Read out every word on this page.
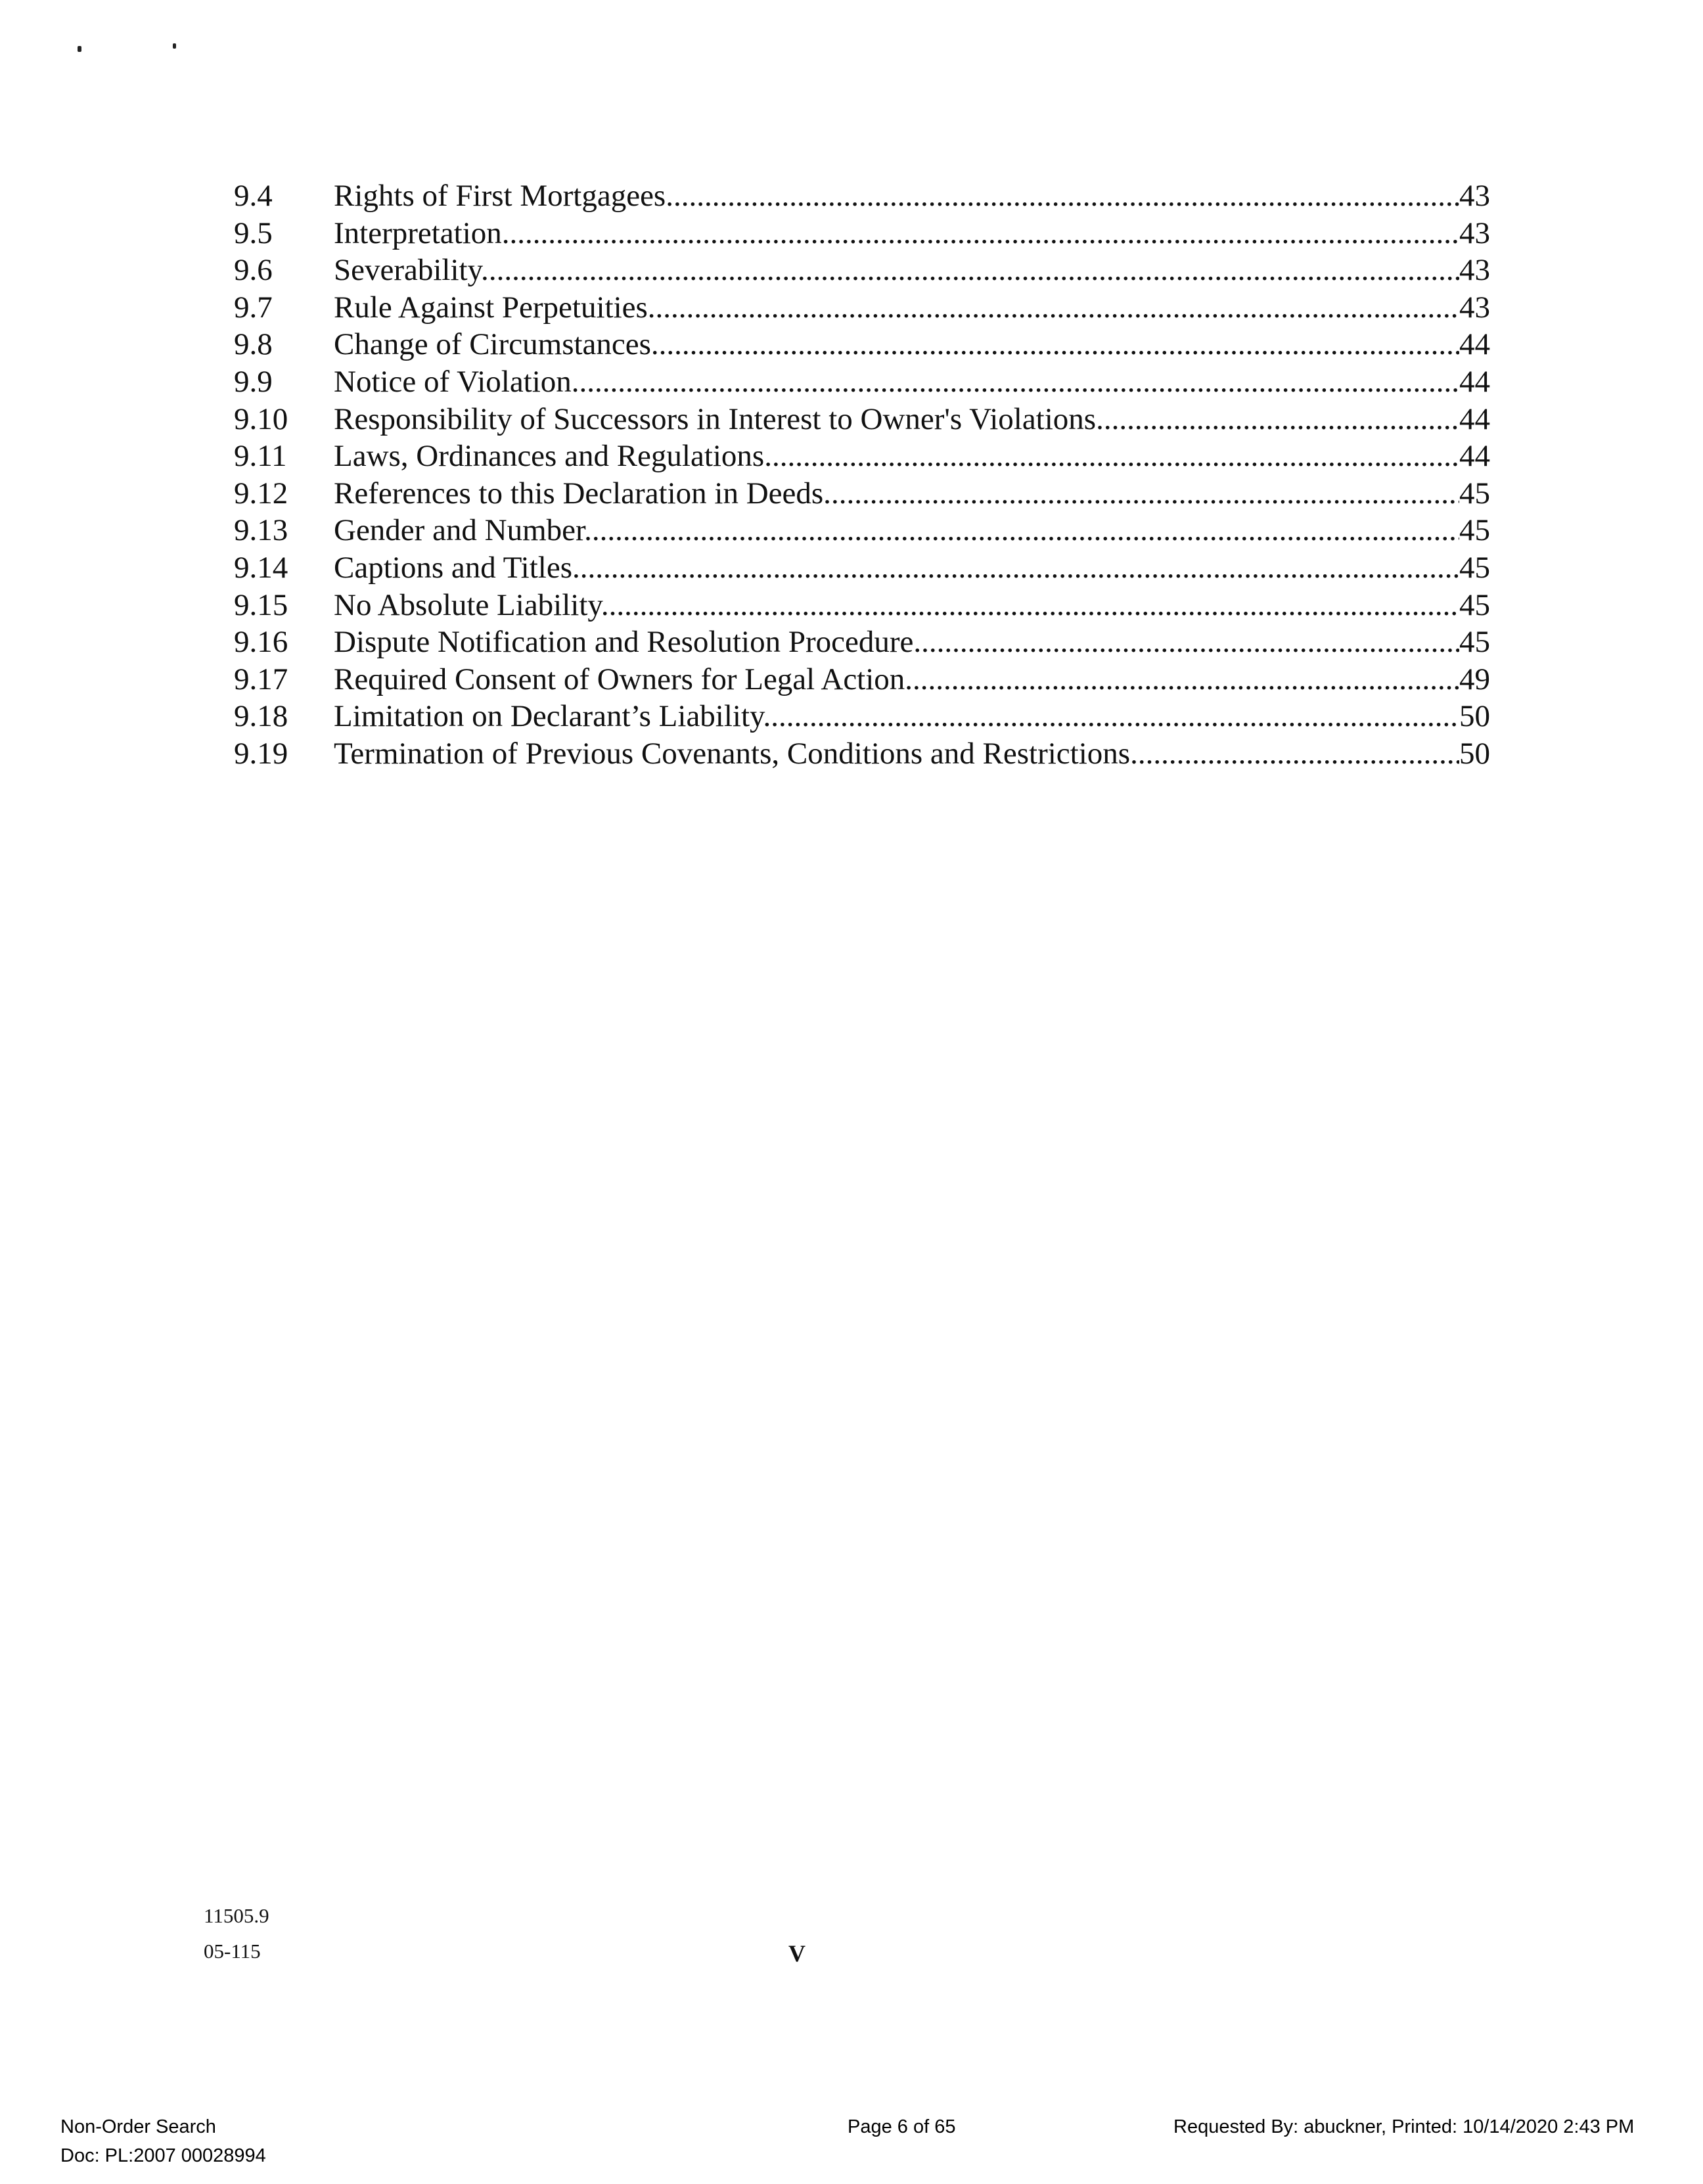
9.4	Rights of First Mortgagees. .....	43
9.5	Interpretation. .....	43
9.6	Severability. .....	43
9.7	Rule Against Perpetuities. .....	43
9.8	Change of Circumstances. .....	44
9.9	Notice of Violation. .....	44
9.10	Responsibility of Successors in Interest to Owner's Violations. .....	44
9.11	Laws, Ordinances and Regulations. .....	44
9.12	References to this Declaration in Deeds. .....	45
9.13	Gender and Number. .....	45
9.14	Captions and Titles. .....	45
9.15	No Absolute Liability. .....	45
9.16	Dispute Notification and Resolution Procedure. .....	45
9.17	Required Consent of Owners for Legal Action. .....	49
9.18	Limitation on Declarant’s Liability. .....	50
9.19	Termination of Previous Covenants, Conditions and Restrictions. .....	50
11505.9
05-115	V
Non-Order Search
Doc: PL:2007 00028994
Page 6 of 65	Requested By: abuckner, Printed: 10/14/2020 2:43 PM
